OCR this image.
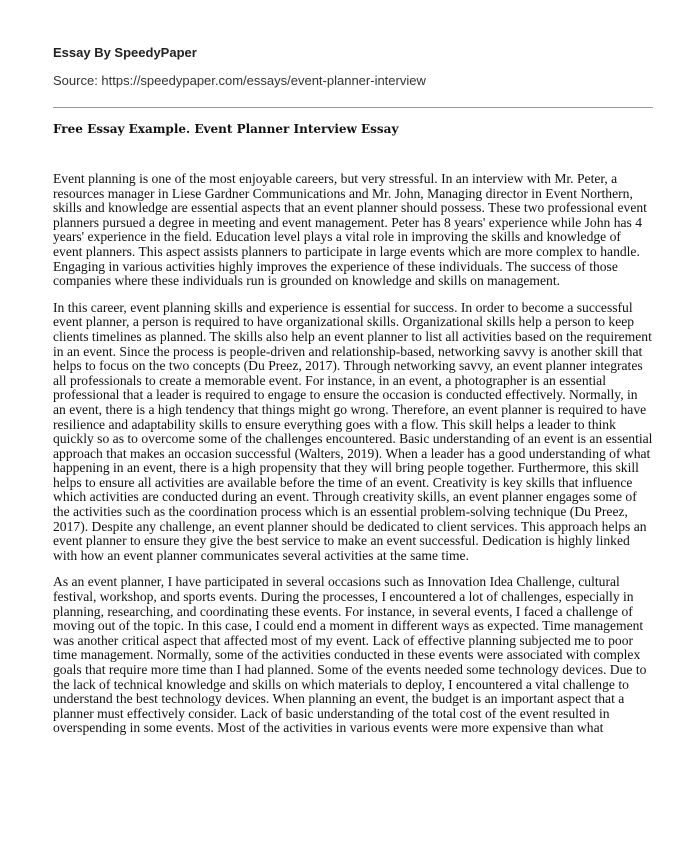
Essay By SpeedyPaper
Source: https://speedypaper.com/essays/event-planner-interview
Free Essay Example. Event Planner Interview Essay

Event planning is one of the most enjoyable careers, but very stressful. In an interview with Mr. Peter, a resources manager in Liese Gardner Communications and Mr. John, Managing director in Event Northern, skills and knowledge are essential aspects that an event planner should possess. These two professional event planners pursued a degree in meeting and event management. Peter has 8 years' experience while John has 4 years' experience in the field. Education level plays a vital role in improving the skills and knowledge of event planners. This aspect assists planners to participate in large events which are more complex to handle. Engaging in various activities highly improves the experience of these individuals. The success of those companies where these individuals run is grounded on knowledge and skills on management.

In this career, event planning skills and experience is essential for success. In order to become a successful event planner, a person is required to have organizational skills. Organizational skills help a person to keep clients timelines as planned. The skills also help an event planner to list all activities based on the requirement in an event. Since the process is people-driven and relationship-based, networking savvy is another skill that helps to focus on the two concepts (Du Preez, 2017). Through networking savvy, an event planner integrates all professionals to create a memorable event. For instance, in an event, a photographer is an essential professional that a leader is required to engage to ensure the occasion is conducted effectively. Normally, in an event, there is a high tendency that things might go wrong. Therefore, an event planner is required to have resilience and adaptability skills to ensure everything goes with a flow. This skill helps a leader to think quickly so as to overcome some of the challenges encountered. Basic understanding of an event is an essential approach that makes an occasion successful (Walters, 2019). When a leader has a good understanding of what happening in an event, there is a high propensity that they will bring people together. Furthermore, this skill helps to ensure all activities are available before the time of an event. Creativity is key skills that influence which activities are conducted during an event. Through creativity skills, an event planner engages some of the activities such as the coordination process which is an essential problem-solving technique (Du Preez, 2017). Despite any challenge, an event planner should be dedicated to client services. This approach helps an event planner to ensure they give the best service to make an event successful. Dedication is highly linked with how an event planner communicates several activities at the same time.

As an event planner, I have participated in several occasions such as Innovation Idea Challenge, cultural festival, workshop, and sports events. During the processes, I encountered a lot of challenges, especially in planning, researching, and coordinating these events. For instance, in several events, I faced a challenge of moving out of the topic. In this case, I could end a moment in different ways as expected. Time management was another critical aspect that affected most of my event. Lack of effective planning subjected me to poor time management. Normally, some of the activities conducted in these events were associated with complex goals that require more time than I had planned. Some of the events needed some technology devices. Due to the lack of technical knowledge and skills on which materials to deploy, I encountered a vital challenge to understand the best technology devices. When planning an event, the budget is an important aspect that a planner must effectively consider. Lack of basic understanding of the total cost of the event resulted in overspending in some events. Most of the activities in various events were more expensive than what
